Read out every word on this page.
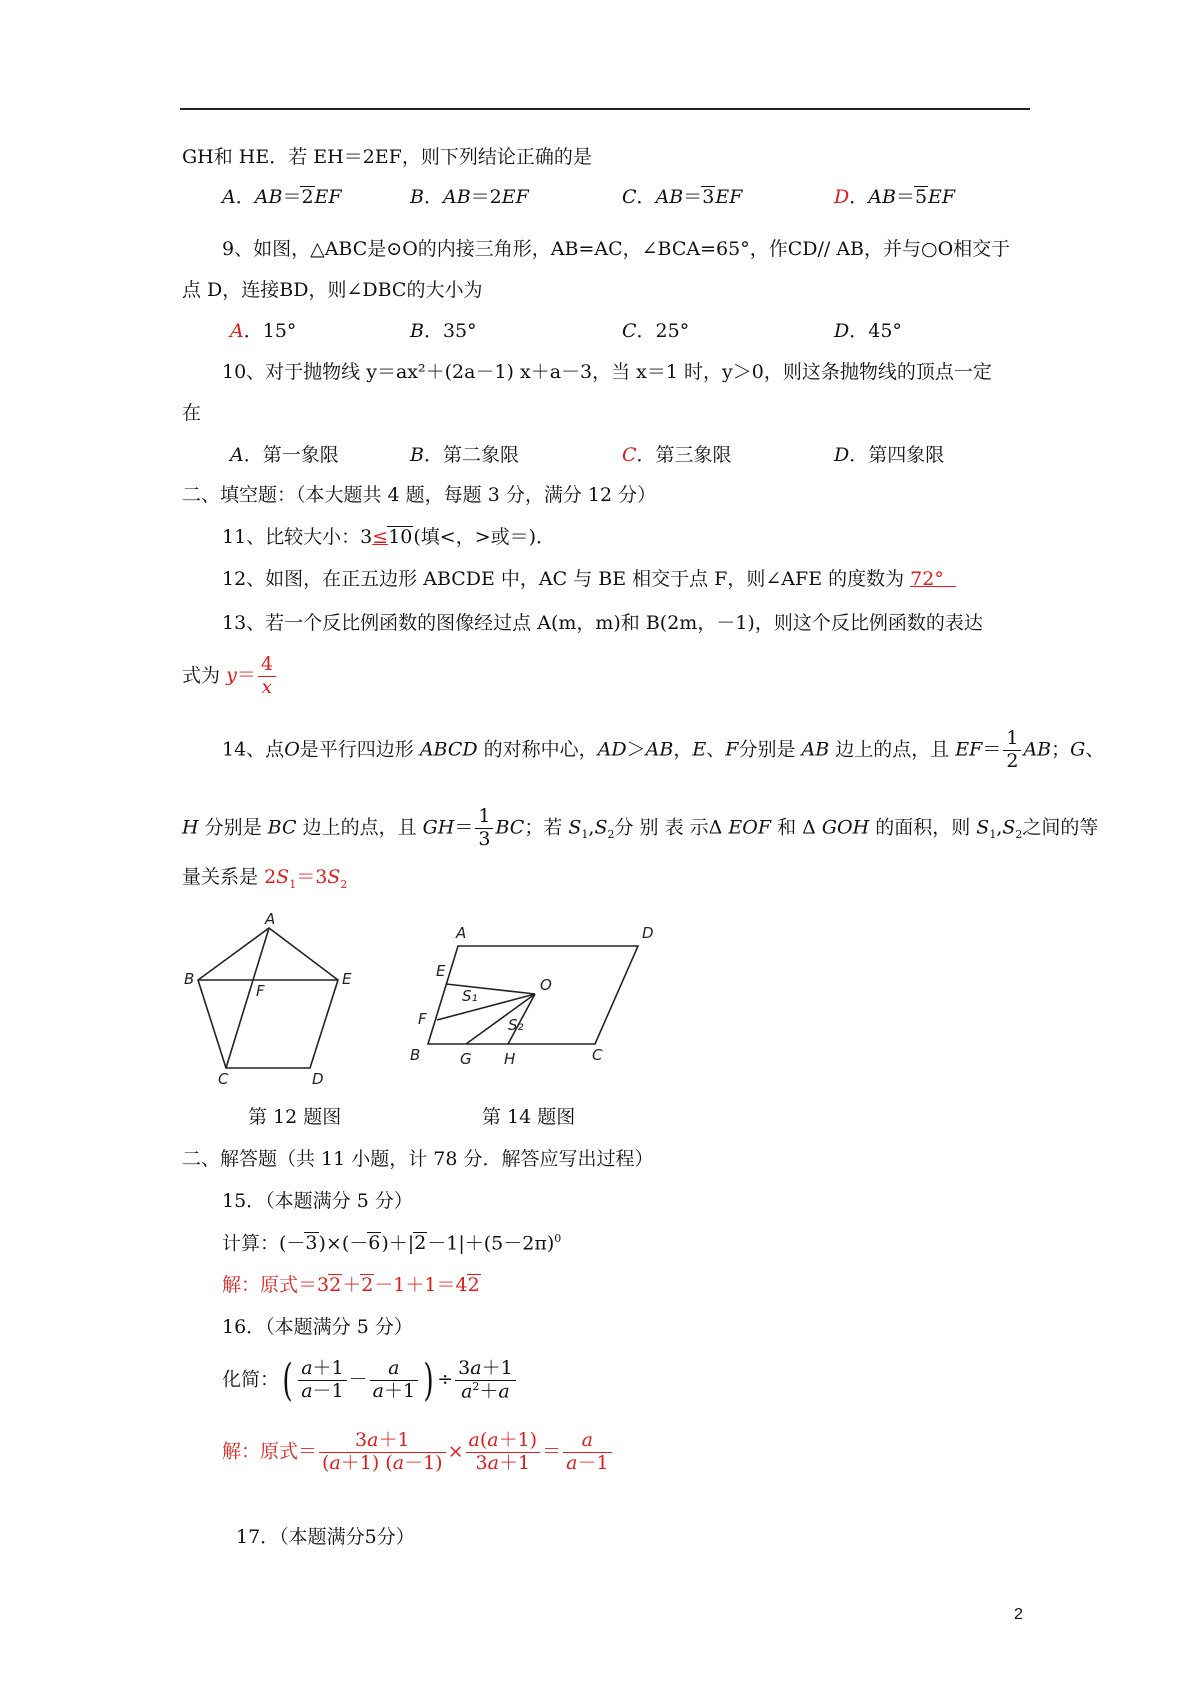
GH和 HE．若 EH＝2EF，则下列结论正确的是
A．AB＝2EF	B．AB＝2EF	C．AB＝3EF	D．AB＝5EF
9、如图，△ABC是⊙O的内接三角形，AB=AC，∠BCA=65°，作CD// AB，并与○O相交于
点 D，连接BD，则∠DBC的大小为
A．15°	B．35°	C．25°	D．45°
10、对于抛物线 y＝ax²＋(2a－1) x＋a－3，当 x＝1 时，y＞0，则这条抛物线的顶点一定
在
A．第一象限	B．第二象限	C．第三象限	D．第四象限
二、填空题：（本大题共 4 题，每题 3 分，满分 12 分）
11、比较大小：3≤10(填<，>或＝)．
12、如图，在正五边形 ABCDE 中，AC 与 BE 相交于点 F，则∠AFE 的度数为 72°
13、若一个反比例函数的图像经过点 A(m，m)和 B(2m，－1)，则这个反比例函数的表达
式为 $y= \frac{4}{x}$
14、点O是平行四边形 ABCD 的对称中心，AD＞AB，E、F分别是 AB 边上的点，且 $EF= \frac{1}{2}$ AB；G、
H 分别是 BC 边上的点，且 $GH= \frac{1}{3}$ BC；若 $S_1,S_2$分 别 表 示Δ EOF 和 Δ GOH 的面积，则 $S_1,S_2$之间的等
量关系是 $2S_1=3S_2$
A
B
F
E
C	D
A	D
E
S₁
O
F	S₂
B	G H	C
第 12 题图	第 14 题图
二、解答题（共 11 小题，计 78 分．解答应写出过程）
15．（本题满分 5 分）
计算：$(-3)\times(-6)+|2-1|+(5-2\pi)^0$
解：原式＝32＋2－1＋1＝42
16．（本题满分 5 分）
化简：( $\frac{a+1}{a-1} - \frac{a}{a+1}$ ) ÷ $\frac{3a+1}{a^2+a}$
解：原式＝ $\frac{3a+1}{(a+1) (a-1)} \times \frac{a(a+1)}{3a+1} = \frac{a}{a-1}$
17．（本题满分5分）
2
